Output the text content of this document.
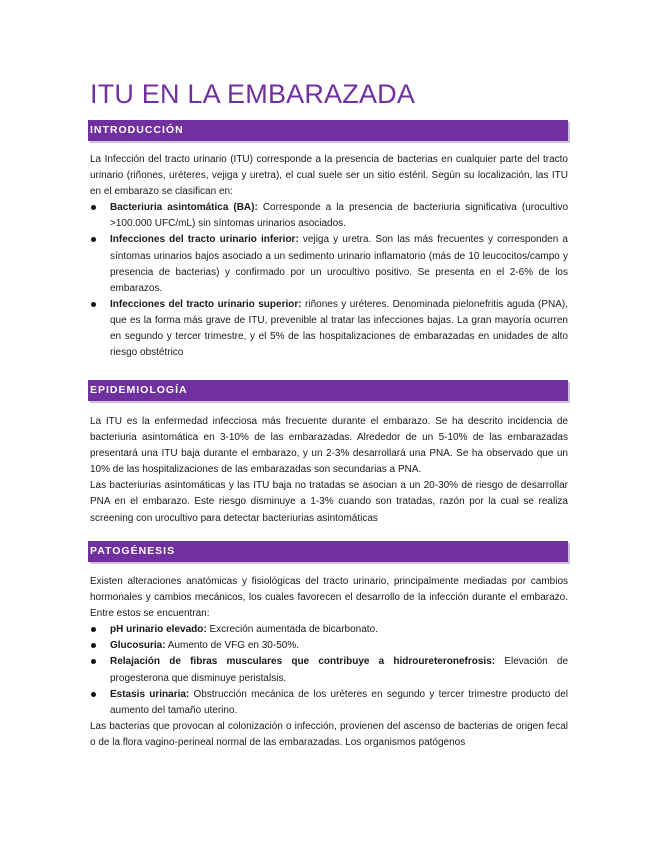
ITU EN LA EMBARAZADA
INTRODUCCIÓN

La Infección del tracto urinario (ITU) corresponde a la presencia de bacterias en cualquier parte del tracto urinario (riñones, uréteres, vejiga y uretra), el cual suele ser un sitio estéril. Según su localización, las ITU en el embarazo se clasifican en:

Bacteriuria asintomática (BA): Corresponde a la presencia de bacteriuria significativa (urocultivo >100.000 UFC/mL) sin síntomas urinarios asociados.
Infecciones del tracto urinario inferior: vejiga y uretra. Son las más frecuentes y corresponden a síntomas urinarios bajos asociado a un sedimento urinario inflamatorio (más de 10 leucocitos/campo y presencia de bacterias) y confirmado por un urocultivo positivo. Se presenta en el 2-6% de los embarazos.
Infecciones del tracto urinario superior: riñones y uréteres. Denominada pielonefritis aguda (PNA), que es la forma más grave de ITU, prevenible al tratar las infecciones bajas. La gran mayoría ocurren en segundo y tercer trimestre, y el 5% de las hospitalizaciones de embarazadas en unidades de alto riesgo obstétrico
EPIDEMIOLOGÍA

La ITU es la enfermedad infecciosa más frecuente durante el embarazo. Se ha descrito incidencia de bacteriuria asintomática en 3-10% de las embarazadas. Alrededor de un 5-10% de las embarazadas presentará una ITU baja durante el embarazo, y un 2-3% desarrollará una PNA. Se ha observado que un 10% de las hospitalizaciones de las embarazadas son secundarias a PNA.

Las bacteriurias asintomáticas y las ITU baja no tratadas se asocian a un 20-30% de riesgo de desarrollar PNA en el embarazo. Este riesgo disminuye a 1-3% cuando son tratadas, razón por la cual se realiza screening con urocultivo para detectar bacteriurias asintomáticas

PATOGÉNESIS

Existen alteraciones anatómicas y fisiológicas del tracto urinario, principalmente mediadas por cambios hormonales y cambios mecánicos, los cuales favorecen el desarrollo de la infección durante el embarazo. Entre estos se encuentran:

pH urinario elevado: Excreción aumentada de bicarbonato.
Glucosuria: Aumento de VFG en 30-50%.
Relajación de fibras musculares que contribuye a hidroureteronefrosis: Elevación de progesterona que disminuye peristalsis.
Estasis urinaria: Obstrucción mecánica de los uréteres en segundo y tercer trimestre producto del aumento del tamaño uterino.

Las bacterias que provocan al colonización o infección, provienen del ascenso de bacterias de origen fecal o de la flora vagino-perineal normal de las embarazadas. Los organismos patógenos
